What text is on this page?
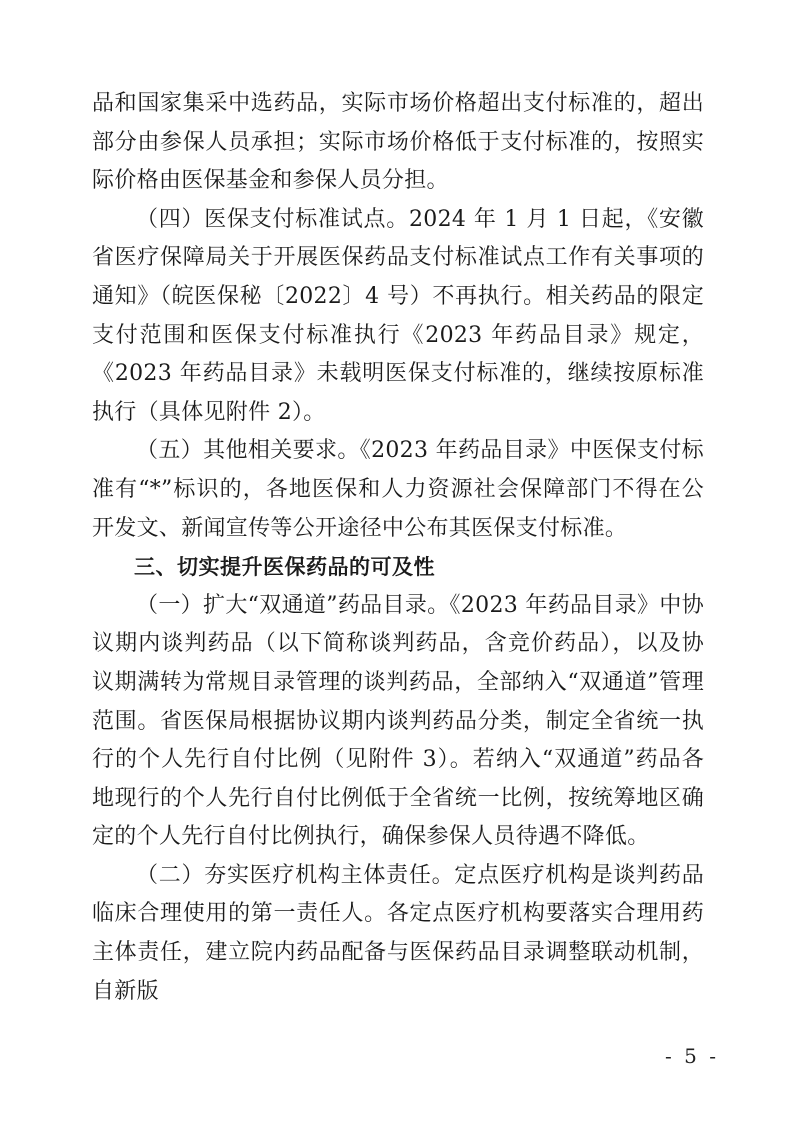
品和国家集采中选药品，实际市场价格超出支付标准的，超出部分由参保人员承担；实际市场价格低于支付标准的，按照实际价格由医保基金和参保人员分担。

（四）医保支付标准试点。2024 年 1 月 1 日起，《安徽省医疗保障局关于开展医保药品支付标准试点工作有关事项的通知》（皖医保秘〔2022〕4 号）不再执行。相关药品的限定支付范围和医保支付标准执行《2023 年药品目录》规定，《2023 年药品目录》未载明医保支付标准的，继续按原标准执行（具体见附件 2）。

（五）其他相关要求。《2023 年药品目录》中医保支付标准有“*”标识的，各地医保和人力资源社会保障部门不得在公开发文、新闻宣传等公开途径中公布其医保支付标准。

三、切实提升医保药品的可及性

（一）扩大“双通道”药品目录。《2023 年药品目录》中协议期内谈判药品（以下简称谈判药品，含竞价药品），以及协议期满转为常规目录管理的谈判药品，全部纳入“双通道”管理范围。省医保局根据协议期内谈判药品分类，制定全省统一执行的个人先行自付比例（见附件 3）。若纳入“双通道”药品各地现行的个人先行自付比例低于全省统一比例，按统筹地区确定的个人先行自付比例执行，确保参保人员待遇不降低。

（二）夯实医疗机构主体责任。定点医疗机构是谈判药品临床合理使用的第一责任人。各定点医疗机构要落实合理用药主体责任，建立院内药品配备与医保药品目录调整联动机制，自新版

- 5 -
